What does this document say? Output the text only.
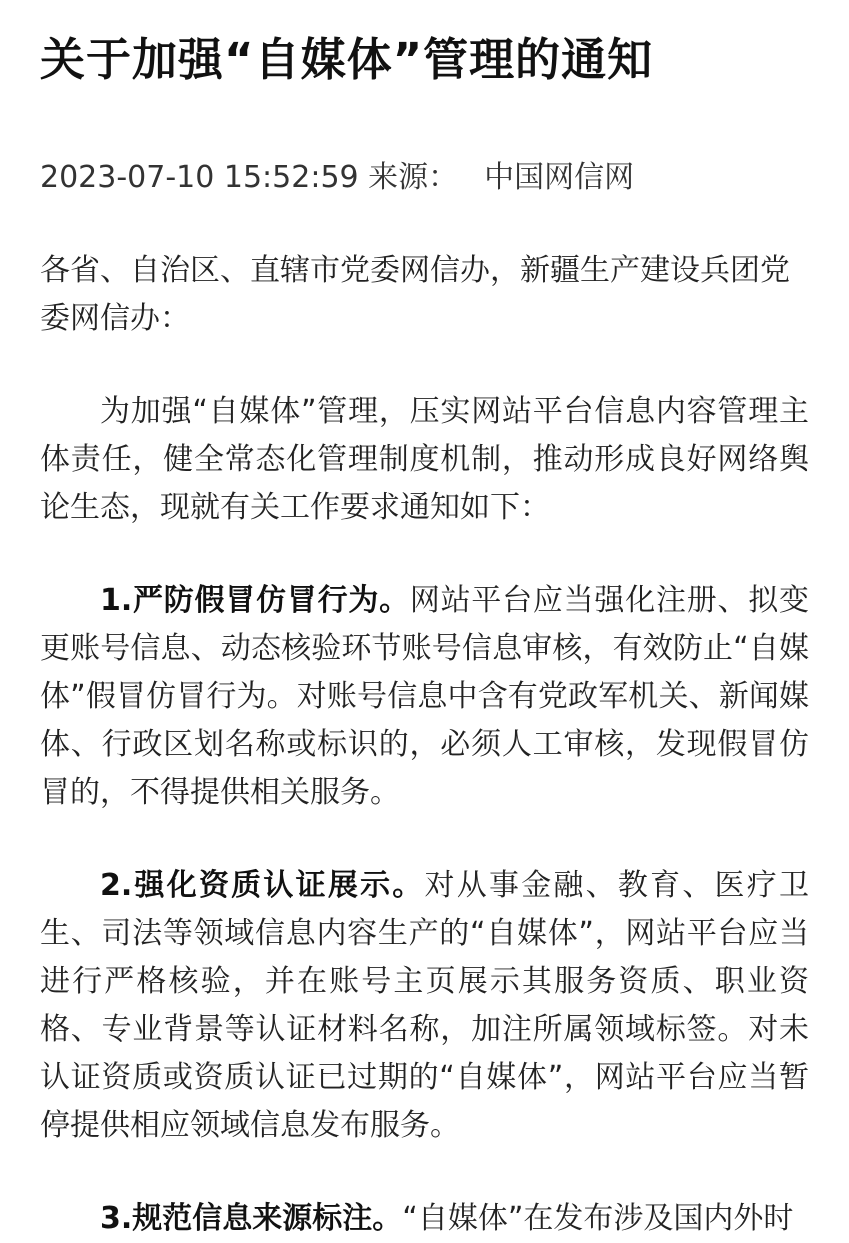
关于加强“自媒体”管理的通知
2023-07-10 15:52:59 来源： 中国网信网

各省、自治区、直辖市党委网信办，新疆生产建设兵团党委网信办：

为加强“自媒体”管理，压实网站平台信息内容管理主体责任，健全常态化管理制度机制，推动形成良好网络舆论生态，现就有关工作要求通知如下：

1.严防假冒仿冒行为。网站平台应当强化注册、拟变更账号信息、动态核验环节账号信息审核，有效防止“自媒体”假冒仿冒行为。对账号信息中含有党政军机关、新闻媒体、行政区划名称或标识的，必须人工审核，发现假冒仿冒的，不得提供相关服务。

2.强化资质认证展示。对从事金融、教育、医疗卫生、司法等领域信息内容生产的“自媒体”，网站平台应当进行严格核验，并在账号主页展示其服务资质、职业资格、专业背景等认证材料名称，加注所属领域标签。对未认证资质或资质认证已过期的“自媒体”，网站平台应当暂停提供相应领域信息发布服务。

3.规范信息来源标注。“自媒体”在发布涉及国内外时
